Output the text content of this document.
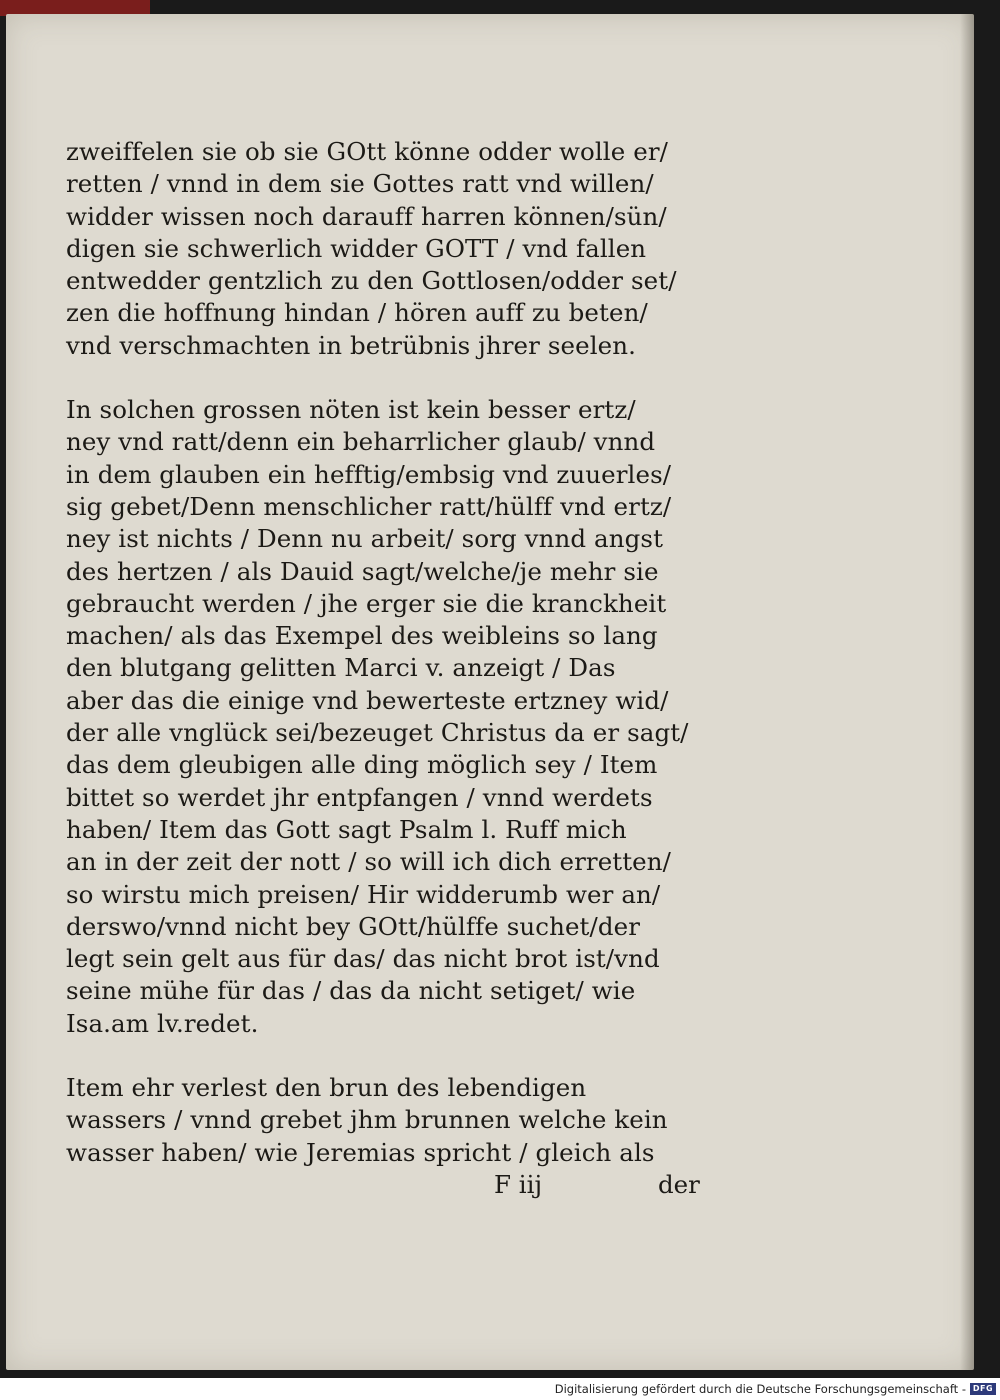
zweiffelen sie ob sie GOtt könne odder wolle er/
retten / vnnd in dem sie Gottes ratt vnd willen/
widder wissen noch darauff harren können/sün/
digen sie schwerlich widder GOTT / vnd fallen
entwedder gentzlich zu den Gottlosen/odder set/
zen die hoffnung hindan / hören auff zu beten/
vnd verschmachten in betrübnis jhrer seelen.
In solchen grossen nöten ist kein besser ertz/
ney vnd ratt/denn ein beharrlicher glaub/ vnnd
in dem glauben ein hefftig/embsig vnd zuuerles/
sig gebet/Denn menschlicher ratt/hülff vnd ertz/
ney ist nichts / Denn nu arbeit/ sorg vnnd angst
des hertzen / als Dauid sagt/welche/je mehr sie
gebraucht werden / jhe erger sie die kranckheit
machen/ als das Exempel des weibleins so lang
den blutgang gelitten Marci v. anzeigt / Das
aber das die einige vnd bewerteste ertzney wid/
der alle vnglück sei/bezeuget Christus da er sagt/
das dem gleubigen alle ding möglich sey / Item
bittet so werdet jhr entpfangen / vnnd werdets
haben/ Item das Gott sagt Psalm l. Ruff mich
an in der zeit der nott / so will ich dich erretten/
so wirstu mich preisen/ Hir widderumb wer an/
derswo/vnnd nicht bey GOtt/hülffe suchet/der
legt sein gelt aus für das/ das nicht brot ist/vnd
seine mühe für das / das da nicht setiget/ wie
Isa.am lv.redet.
Item ehr verlest den brun des lebendigen
wassers / vnnd grebet jhm brunnen welche kein
wasser haben/ wie Jeremias spricht / gleich als
F iij	der
Digitalisierung gefördert durch die Deutsche Forschungsgemeinschaft - DFG
